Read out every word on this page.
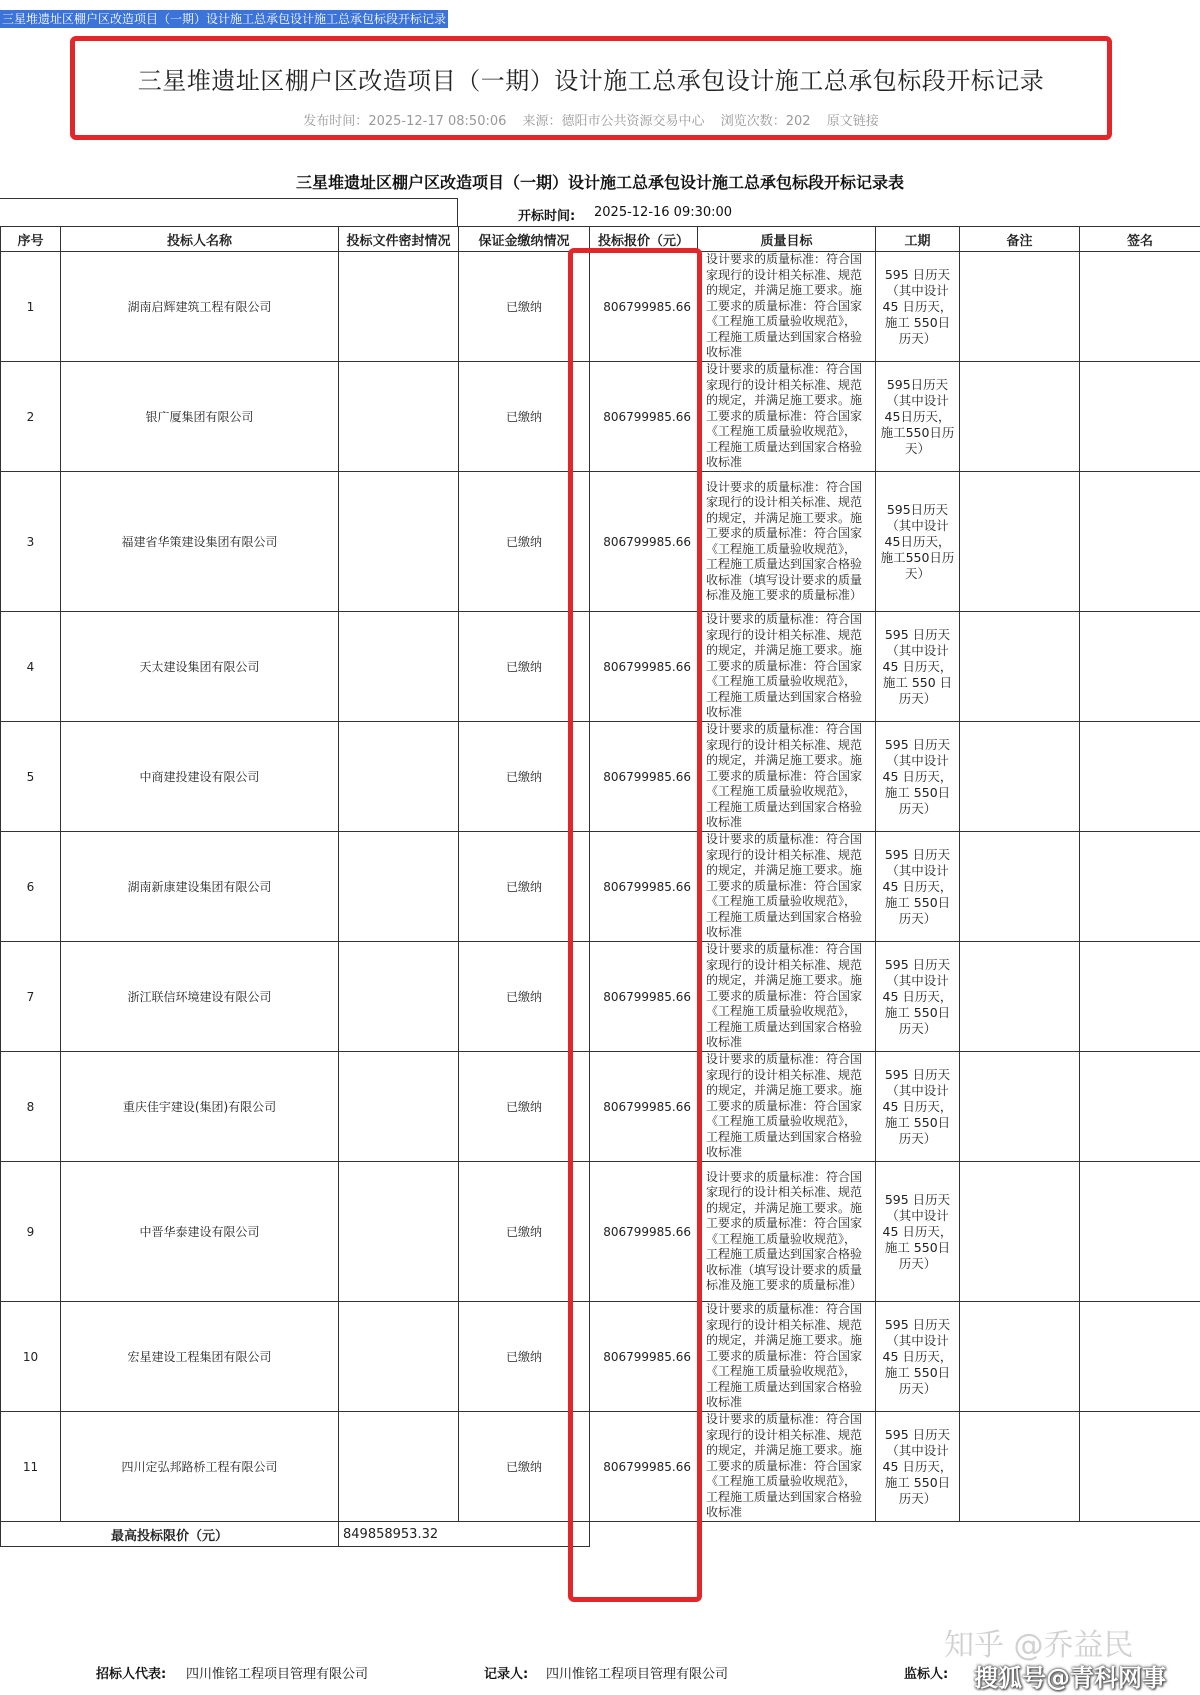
三星堆遗址区棚户区改造项目（一期）设计施工总承包设计施工总承包标段开标记录
三星堆遗址区棚户区改造项目（一期）设计施工总承包设计施工总承包标段开标记录
发布时间：2025-12-17 08:50:06 来源：德阳市公共资源交易中心 浏览次数：202 原文链接
三星堆遗址区棚户区改造项目（一期）设计施工总承包设计施工总承包标段开标记录表
开标时间: 2025-12-16 09:30:00
序号	投标人名称	投标文件密封情况	保证金缴纳情况	投标报价（元）	质量目标	工期	备注	签名
1	湖南启辉建筑工程有限公司		已缴纳	806799985.66	设计要求的质量标准：符合国家现行的设计相关标准、规范的规定，并满足施工要求。施工要求的质量标准：符合国家《工程施工质量验收规范》，工程施工质量达到国家合格验收标准	595 日历天（其中设计 45 日历天，施工 550日历天）		
2	银广厦集团有限公司		已缴纳	806799985.66	设计要求的质量标准：符合国家现行的设计相关标准、规范的规定，并满足施工要求。施工要求的质量标准：符合国家《工程施工质量验收规范》，工程施工质量达到国家合格验收标准	595日历天（其中设计45日历天，施工550日历天）		
3	福建省华策建设集团有限公司		已缴纳	806799985.66	设计要求的质量标准：符合国家现行的设计相关标准、规范的规定，并满足施工要求。施工要求的质量标准：符合国家《工程施工质量验收规范》，工程施工质量达到国家合格验收标准（填写设计要求的质量标准及施工要求的质量标准）	595日历天（其中设计45日历天，施工550日历天）		
4	天太建设集团有限公司		已缴纳	806799985.66	设计要求的质量标准：符合国家现行的设计相关标准、规范的规定，并满足施工要求。施工要求的质量标准：符合国家《工程施工质量验收规范》，工程施工质量达到国家合格验收标准	595 日历天（其中设计 45 日历天，施工 550 日历天）		
5	中商建投建设有限公司		已缴纳	806799985.66	设计要求的质量标准：符合国家现行的设计相关标准、规范的规定，并满足施工要求。施工要求的质量标准：符合国家《工程施工质量验收规范》，工程施工质量达到国家合格验收标准	595 日历天（其中设计 45 日历天，施工 550日历天）		
6	湖南新康建设集团有限公司		已缴纳	806799985.66	设计要求的质量标准：符合国家现行的设计相关标准、规范的规定，并满足施工要求。施工要求的质量标准：符合国家《工程施工质量验收规范》，工程施工质量达到国家合格验收标准	595 日历天（其中设计 45 日历天，施工 550日历天）		
7	浙江联信环境建设有限公司		已缴纳	806799985.66	设计要求的质量标准：符合国家现行的设计相关标准、规范的规定，并满足施工要求。施工要求的质量标准：符合国家《工程施工质量验收规范》，工程施工质量达到国家合格验收标准	595 日历天（其中设计 45 日历天，施工 550日历天）		
8	重庆佳宇建设(集团)有限公司		已缴纳	806799985.66	设计要求的质量标准：符合国家现行的设计相关标准、规范的规定，并满足施工要求。施工要求的质量标准：符合国家《工程施工质量验收规范》，工程施工质量达到国家合格验收标准	595 日历天（其中设计 45 日历天，施工 550日历天）		
9	中晋华泰建设有限公司		已缴纳	806799985.66	设计要求的质量标准：符合国家现行的设计相关标准、规范的规定，并满足施工要求。施工要求的质量标准：符合国家《工程施工质量验收规范》，工程施工质量达到国家合格验收标准（填写设计要求的质量标准及施工要求的质量标准）	595 日历天（其中设计 45 日历天，施工 550日历天）		
10	宏星建设工程集团有限公司		已缴纳	806799985.66	设计要求的质量标准：符合国家现行的设计相关标准、规范的规定，并满足施工要求。施工要求的质量标准：符合国家《工程施工质量验收规范》，工程施工质量达到国家合格验收标准	595 日历天（其中设计 45 日历天，施工 550日历天）		
11	四川定弘邦路桥工程有限公司		已缴纳	806799985.66	设计要求的质量标准：符合国家现行的设计相关标准、规范的规定，并满足施工要求。施工要求的质量标准：符合国家《工程施工质量验收规范》，工程施工质量达到国家合格验收标准	595 日历天（其中设计 45 日历天，施工 550日历天）		
最高投标限价（元）		849858953.32						
知乎 @乔益民
招标人代表: 四川惟铭工程项目管理有限公司	记录人: 四川惟铭工程项目管理有限公司	监标人: 搜狐号@青科网事
